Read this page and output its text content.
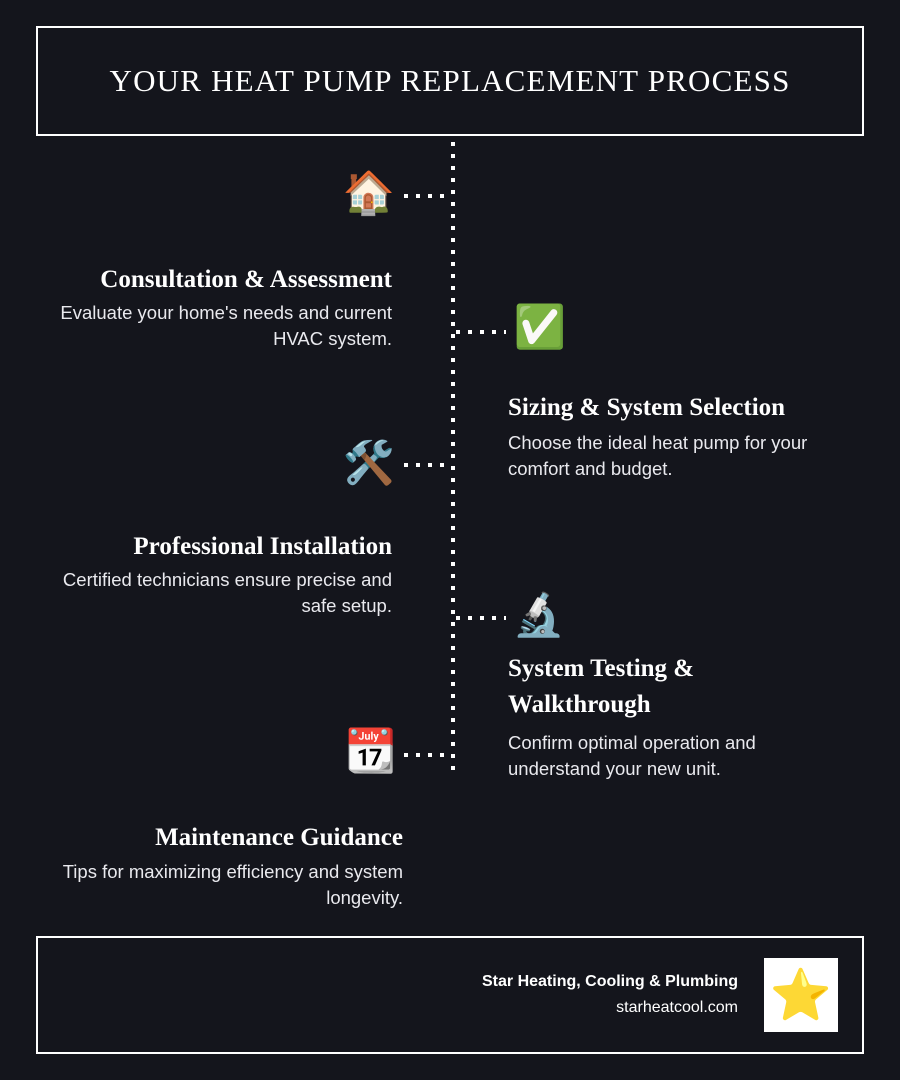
YOUR HEAT PUMP REPLACEMENT PROCESS
🏠
Consultation & Assessment
Evaluate your home's needs and current HVAC system.	✅
Sizing & System Selection
Choose the ideal heat pump for your comfort and budget.
🛠️
Professional Installation
Certified technicians ensure precise and safe setup.	🔬
System Testing & Walkthrough
Confirm optimal operation and understand your new unit.
📆
Maintenance Guidance
Tips for maximizing efficiency and system longevity.
Star Heating, Cooling & Plumbing
starheatcool.com ⭐
